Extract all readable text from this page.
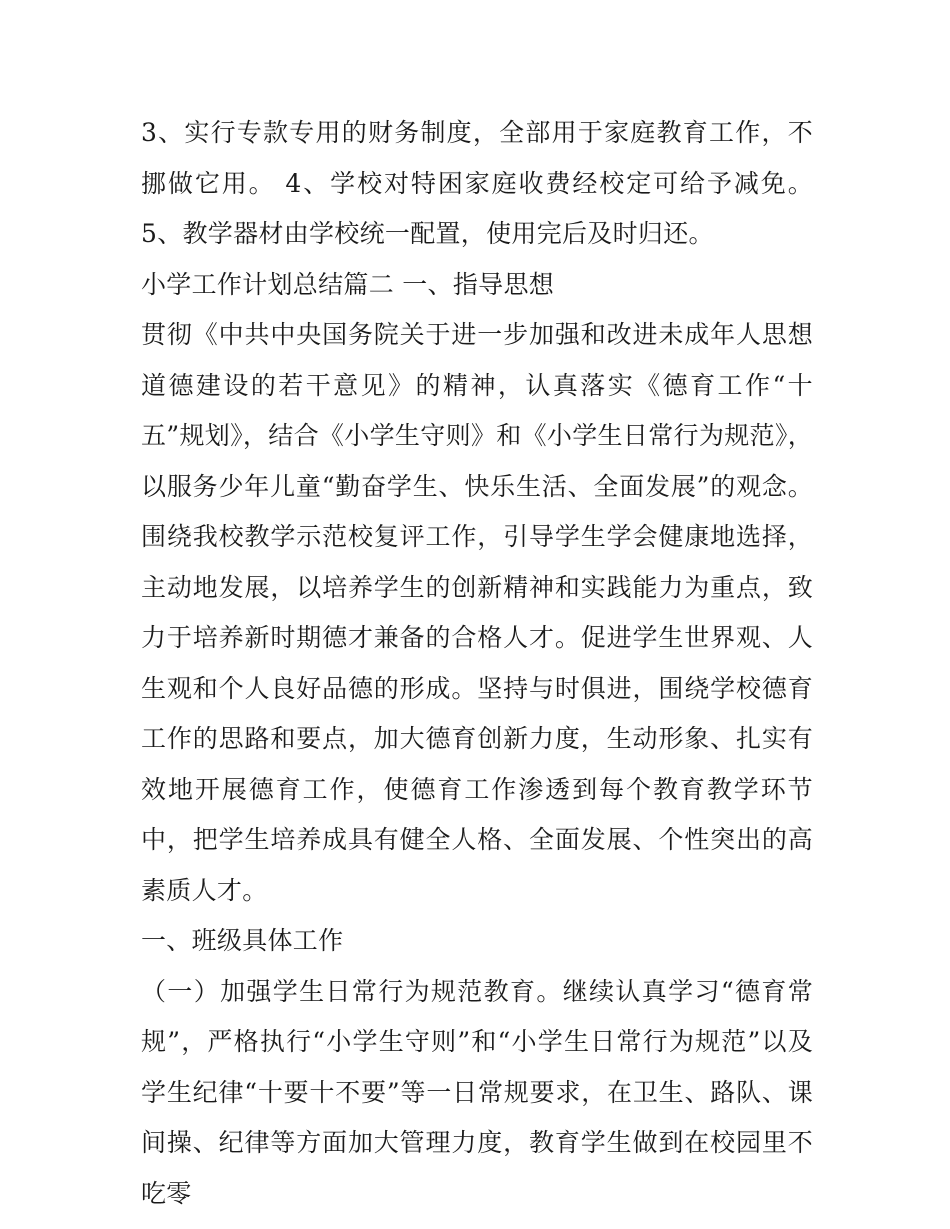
3、实行专款专用的财务制度，全部用于家庭教育工作，不挪做它用。 4、学校对特困家庭收费经校定可给予减免。 5、教学器材由学校统一配置，使用完后及时归还。

小学工作计划总结篇二 一、指导思想

贯彻《中共中央国务院关于进一步加强和改进未成年人思想道德建设的若干意见》的精神，认真落实《德育工作“十五”规划》，结合《小学生守则》和《小学生日常行为规范》，以服务少年儿童“勤奋学生、快乐生活、全面发展”的观念。围绕我校教学示范校复评工作，引导学生学会健康地选择，主动地发展，以培养学生的创新精神和实践能力为重点，致力于培养新时期德才兼备的合格人才。促进学生世界观、人生观和个人良好品德的形成。坚持与时俱进，围绕学校德育工作的思路和要点，加大德育创新力度，生动形象、扎实有效地开展德育工作，使德育工作渗透到每个教育教学环节中，把学生培养成具有健全人格、全面发展、个性突出的高素质人才。

一、班级具体工作

（一）加强学生日常行为规范教育。继续认真学习“德育常规”，严格执行“小学生守则”和“小学生日常行为规范”以及学生纪律“十要十不要”等一日常规要求，在卫生、路队、课间操、纪律等方面加大管理力度，教育学生做到在校园里不吃零
